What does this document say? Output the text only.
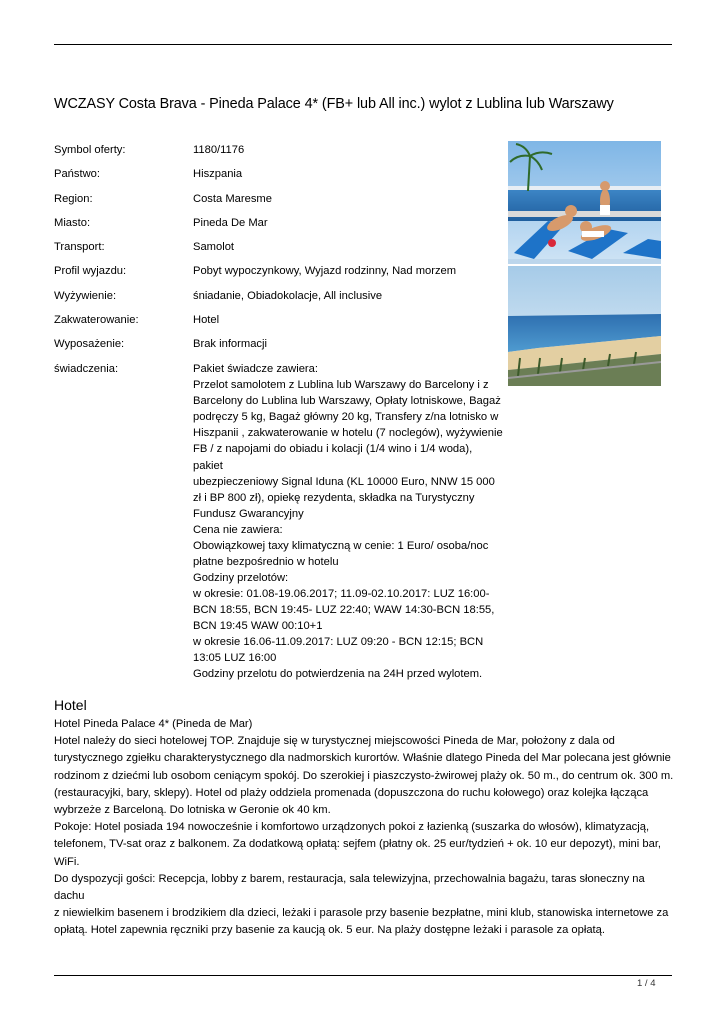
WCZASY Costa Brava - Pineda Palace 4* (FB+ lub All inc.) wylot z Lublina lub Warszawy
Symbol oferty:	1180/1176
Państwo:	Hiszpania
Region:	Costa Maresme
Miasto:	Pineda De Mar
Transport:	Samolot
Profil wyjazdu:	Pobyt wypoczynkowy, Wyjazd rodzinny, Nad morzem
Wyżywienie:	śniadanie, Obiadokolacje, All inclusive
Zakwaterowanie:	Hotel
Wyposażenie:	Brak informacji
świadczenia:	Pakiet świadcze zawiera:
Przelot samolotem z Lublina lub Warszawy do Barcelony i z
Barcelony do Lublina lub Warszawy, Opłaty lotniskowe, Bagaż
podręczy 5 kg, Bagaż główny 20 kg, Transfery z/na lotnisko w
Hiszpanii , zakwaterowanie w hotelu (7 noclegów), wyżywienie
FB / z napojami do obiadu i kolacji (1/4 wino i 1/4 woda), pakiet
ubezpieczeniowy Signal Iduna (KL 10000 Euro, NNW 15 000
zł i BP 800 zł), opiekę rezydenta, składka na Turystyczny
Fundusz Gwarancyjny
Cena nie zawiera:
Obowiązkowej taxy klimatyczną w cenie: 1 Euro/ osoba/noc
płatne bezpośrednio w hotelu
Godziny przelotów:
w okresie: 01.08-19.06.2017; 11.09-02.10.2017: LUZ 16:00-
BCN 18:55, BCN 19:45- LUZ 22:40; WAW 14:30-BCN 18:55,
BCN 19:45 WAW 00:10+1
w okresie 16.06-11.09.2017: LUZ 09:20 - BCN 12:15; BCN
13:05 LUZ 16:00
Godziny przelotu do potwierdzenia na 24H przed wylotem.
Hotel

Hotel Pineda Palace 4* (Pineda de Mar)

Hotel należy do sieci hotelowej TOP. Znajduje się w turystycznej miejscowości Pineda de Mar, położony z dala od

turystycznego zgiełku charakterystycznego dla nadmorskich kurortów. Właśnie dlatego Pineda del Mar polecana jest głównie

rodzinom z dziećmi lub osobom ceniącym spokój. Do szerokiej i piaszczysto-żwirowej plaży ok. 50 m., do centrum ok. 300 m.

(restauracyjki, bary, sklepy). Hotel od plaży oddziela promenada (dopuszczona do ruchu kołowego) oraz kolejka łącząca

wybrzeże z Barceloną. Do lotniska w Geronie ok 40 km.

Pokoje: Hotel posiada 194 nowocześnie i komfortowo urządzonych pokoi z łazienką (suszarka do włosów), klimatyzacją,

telefonem, TV-sat oraz z balkonem. Za dodatkową opłatą: sejfem (płatny ok. 25 eur/tydzień + ok. 10 eur depozyt), mini bar,

WiFi.

Do dyspozycji gości: Recepcja, lobby z barem, restauracja, sala telewizyjna, przechowalnia bagażu, taras słoneczny na dachu

z niewielkim basenem i brodzikiem dla dzieci, leżaki i parasole przy basenie bezpłatne, mini klub, stanowiska internetowe za

opłatą. Hotel zapewnia ręczniki przy basenie za kaucją ok. 5 eur. Na plaży dostępne leżaki i parasole za opłatą.

1 / 4
